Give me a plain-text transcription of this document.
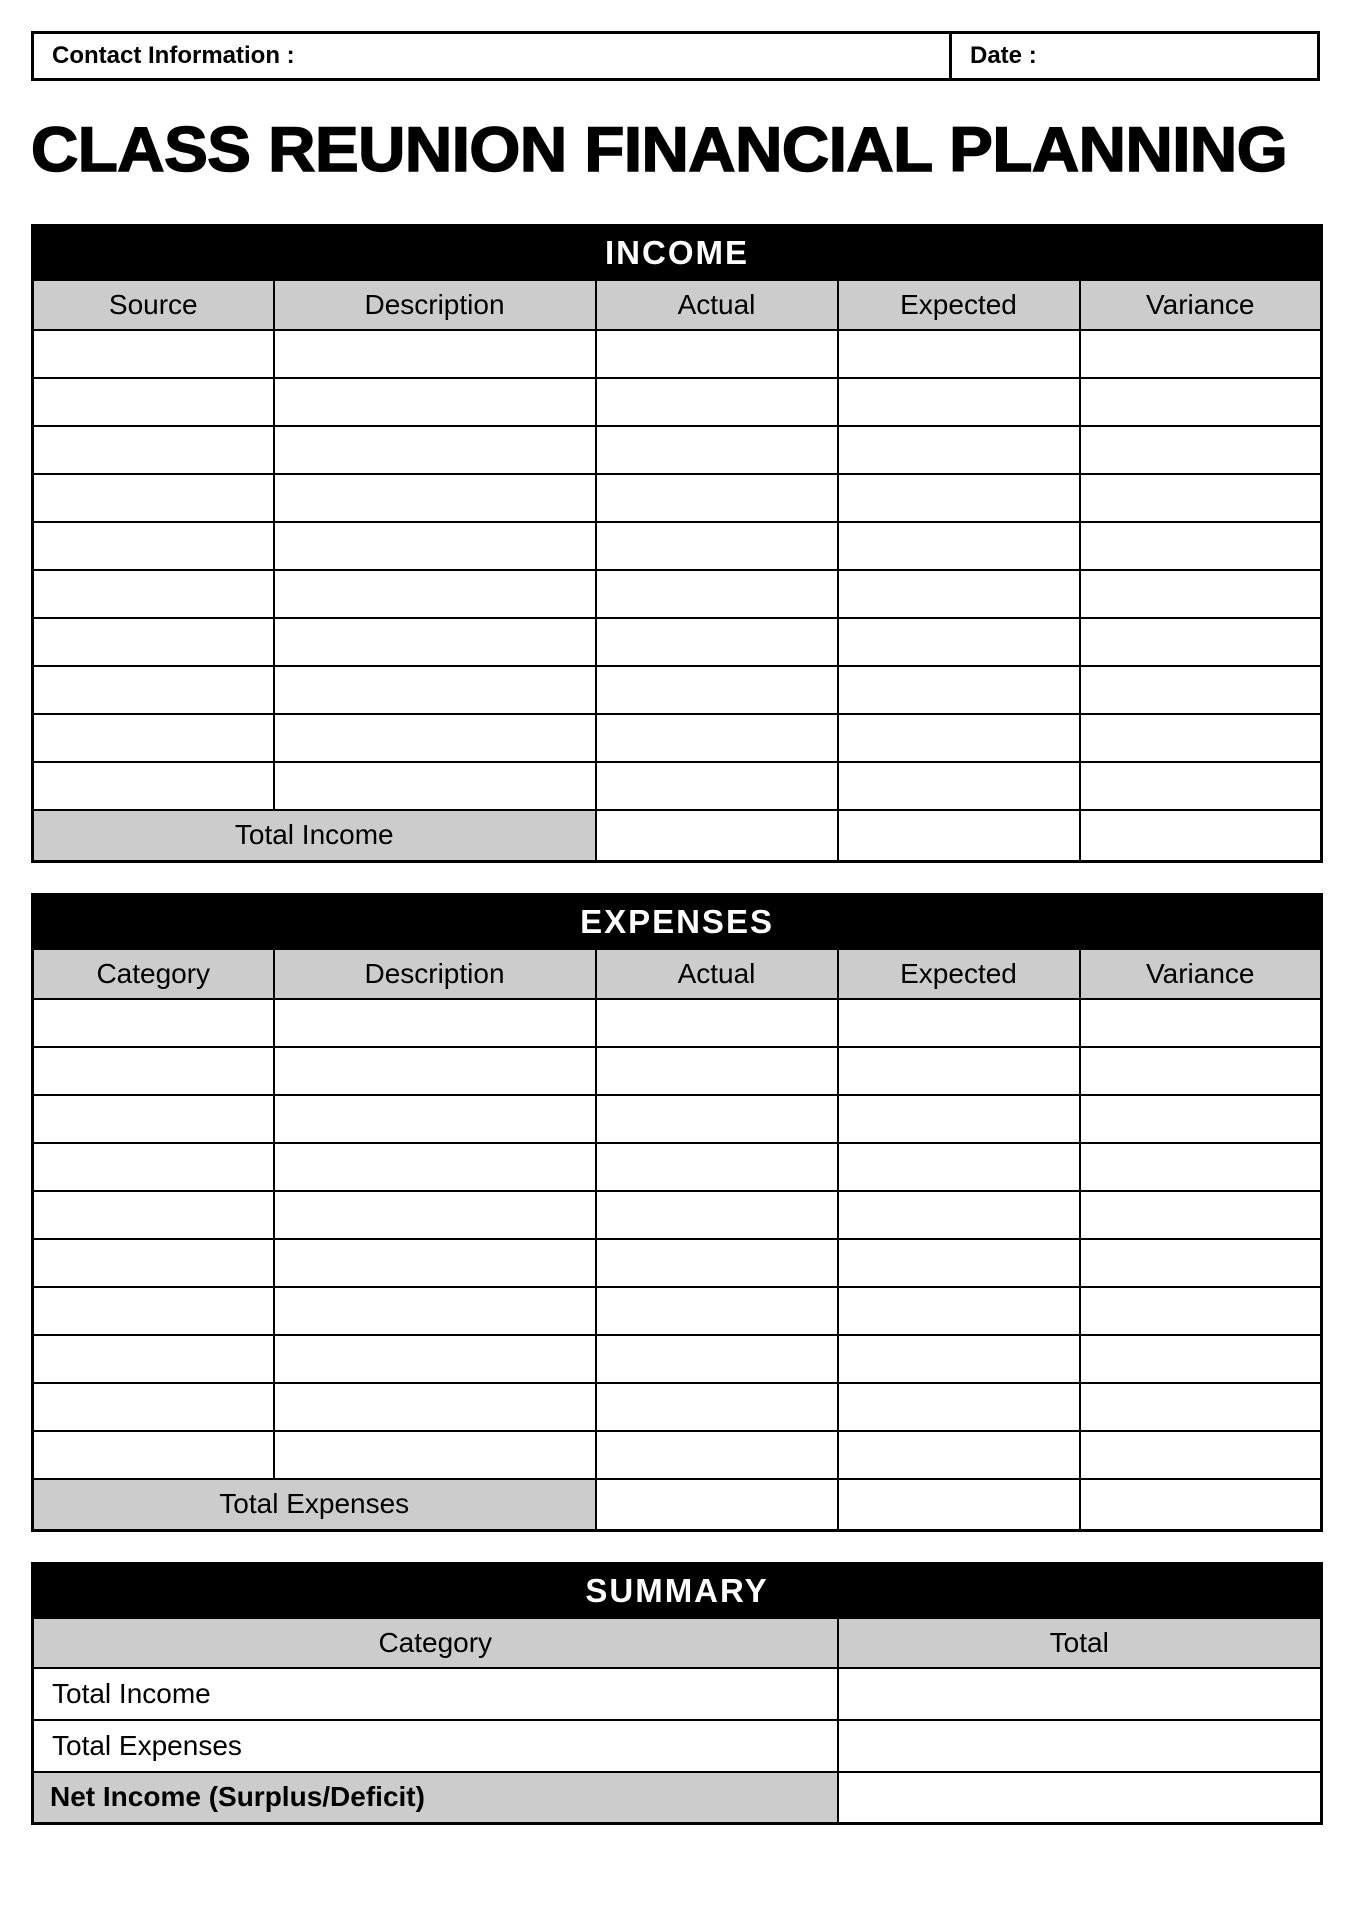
Contact Information :	Date :
CLASS REUNION FINANCIAL PLANNING
INCOME				
Source	Description	Actual	Expected	Variance

Total Income				
EXPENSES				
Category	Description	Actual	Expected	Variance

Total Expenses				
SUMMARY	
Category	Total
Total Income	
Total Expenses	
Net Income (Surplus/Deficit)	
